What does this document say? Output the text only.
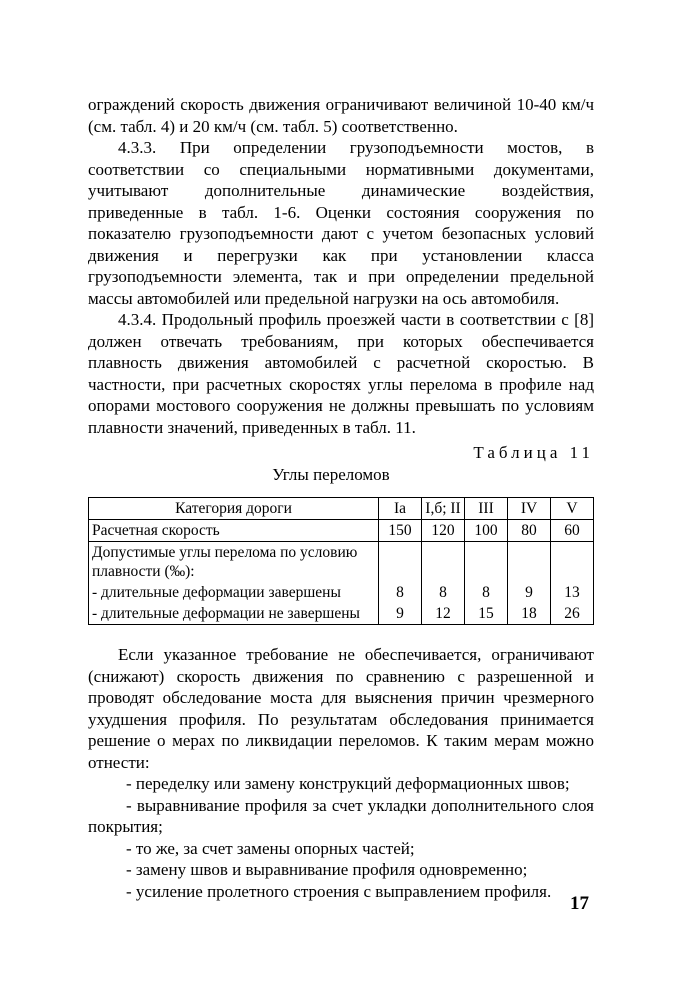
ограждений скорость движения ограничивают величиной 10-40 км/ч (см. табл. 4) и 20 км/ч (см. табл. 5) соответственно.

4.3.3. При определении грузоподъемности мостов, в соответствии со специальными нормативными документами, учитывают дополнительные динамические воздействия, приведенные в табл. 1-6. Оценки состояния сооружения по показателю грузоподъемности дают с учетом безопасных условий движения и перегрузки как при установлении класса грузоподъемности элемента, так и при определении предельной массы автомобилей или предельной нагрузки на ось автомобиля.

4.3.4. Продольный профиль проезжей части в соответствии с [8] должен отвечать требованиям, при которых обеспечивается плавность движения автомобилей с расчетной скоростью. В частности, при расчетных скоростях углы перелома в профиле над опорами мостового сооружения не должны превышать по условиям плавности значений, приведенных в табл. 11.

Таблица 11
Углы переломов
Категория дороги	Ia	I,б; II	III	IV	V
Расчетная скорость	150	120	100	80	60
Допустимые углы перелома по условию плавности (‰):					
- длительные деформации завершены	8	8	8	9	13
- длительные деформации не завершены	9	12	15	18	26

Если указанное требование не обеспечивается, ограничивают (снижают) скорость движения по сравнению с разрешенной и проводят обследование моста для выяснения причин чрезмерного ухудшения профиля. По результатам обследования принимается решение о мерах по ликвидации переломов. К таким мерам можно отнести:

- переделку или замену конструкций деформационных швов;

- выравнивание профиля за счет укладки дополнительного слоя покрытия;

- то же, за счет замены опорных частей;

- замену швов и выравнивание профиля одновременно;

- усиление пролетного строения с выправлением профиля.

17
